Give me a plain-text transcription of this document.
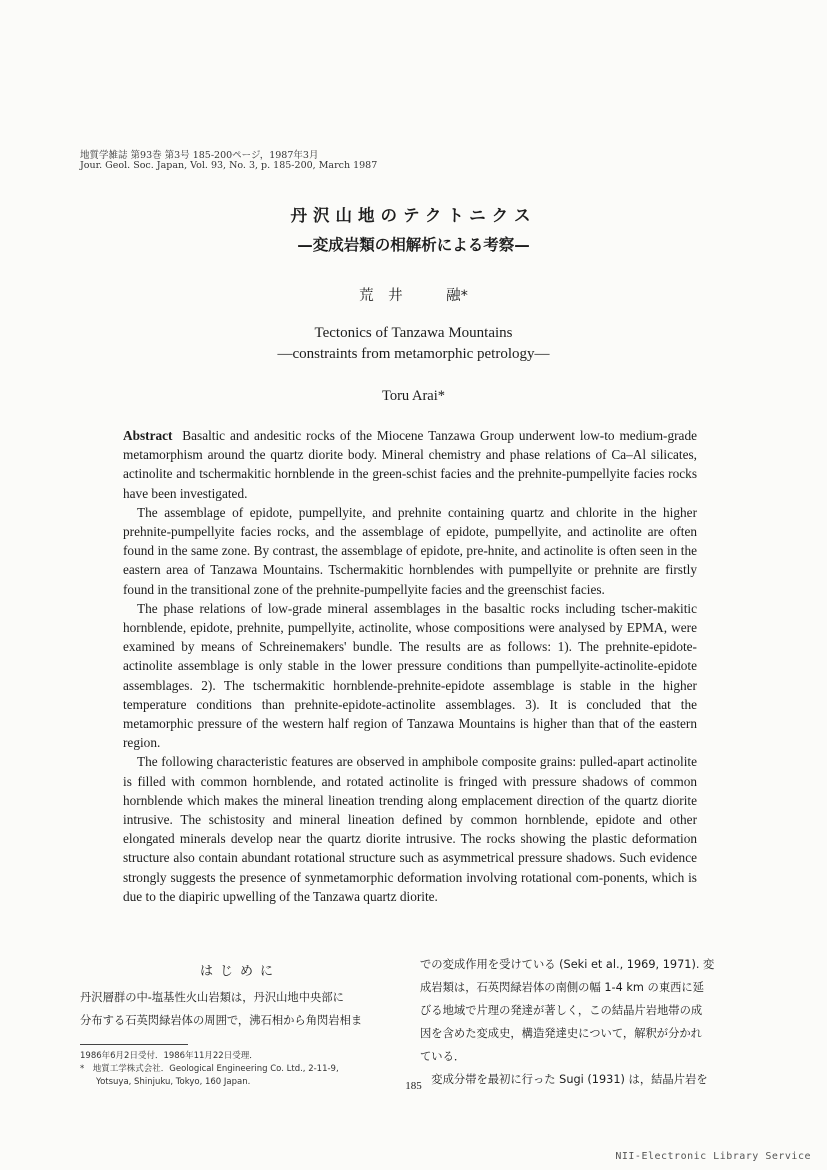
地質学雑誌 第93巻 第3号 185-200ページ，1987年3月
Jour. Geol. Soc. Japan, Vol. 93, No. 3, p. 185-200, March 1987
丹沢山地のテクトニクス
—変成岩類の相解析による考察—
荒　井　　　融*
Tectonics of Tanzawa Mountains
—constraints from metamorphic petrology—
Toru Arai*

Abstract Basaltic and andesitic rocks of the Miocene Tanzawa Group underwent low-to medium-grade metamorphism around the quartz diorite body. Mineral chemistry and phase relations of Ca–Al silicates, actinolite and tschermakitic hornblende in the green-schist facies and the prehnite-pumpellyite facies rocks have been investigated.

The assemblage of epidote, pumpellyite, and prehnite containing quartz and chlorite in the higher prehnite-pumpellyite facies rocks, and the assemblage of epidote, pumpellyite, and actinolite are often found in the same zone. By contrast, the assemblage of epidote, pre-hnite, and actinolite is often seen in the eastern area of Tanzawa Mountains. Tschermakitic hornblendes with pumpellyite or prehnite are firstly found in the transitional zone of the prehnite-pumpellyite facies and the greenschist facies.

The phase relations of low-grade mineral assemblages in the basaltic rocks including tscher-makitic hornblende, epidote, prehnite, pumpellyite, actinolite, whose compositions were analysed by EPMA, were examined by means of Schreinemakers' bundle. The results are as follows: 1). The prehnite-epidote-actinolite assemblage is only stable in the lower pressure conditions than pumpellyite-actinolite-epidote assemblages. 2). The tschermakitic hornblende-prehnite-epidote assemblage is stable in the higher temperature conditions than prehnite-epidote-actinolite assemblages. 3). It is concluded that the metamorphic pressure of the western half region of Tanzawa Mountains is higher than that of the eastern region.

The following characteristic features are observed in amphibole composite grains: pulled-apart actinolite is filled with common hornblende, and rotated actinolite is fringed with pressure shadows of common hornblende which makes the mineral lineation trending along emplacement direction of the quartz diorite intrusive. The schistosity and mineral lineation defined by common hornblende, epidote and other elongated minerals develop near the quartz diorite intrusive. The rocks showing the plastic deformation structure also contain abundant rotational structure such as asymmetrical pressure shadows. Such evidence strongly suggests the presence of synmetamorphic deformation involving rotational com-ponents, which is due to the diapiric upwelling of the Tanzawa quartz diorite.

はじめに
丹沢層群の中-塩基性火山岩類は，丹沢山地中央部に
分布する石英閃緑岩体の周囲で，沸石相から角閃岩相ま
1986年6月2日受付．1986年11月22日受理．
*　地質工学株式会社．Geological Engineering Co. Ltd., 2-11-9,
Yotsuya, Shinjuku, Tokyo, 160 Japan.
での変成作用を受けている (Seki et al., 1969, 1971). 変
成岩類は，石英閃緑岩体の南側の幅 1-4 km の東西に延
びる地域で片理の発達が著しく，この結晶片岩地帯の成
因を含めた変成史，構造発達史について，解釈が分かれ
ている．
　変成分帯を最初に行った Sugi (1931) は，結晶片岩を
185
NII-Electronic Library Service
